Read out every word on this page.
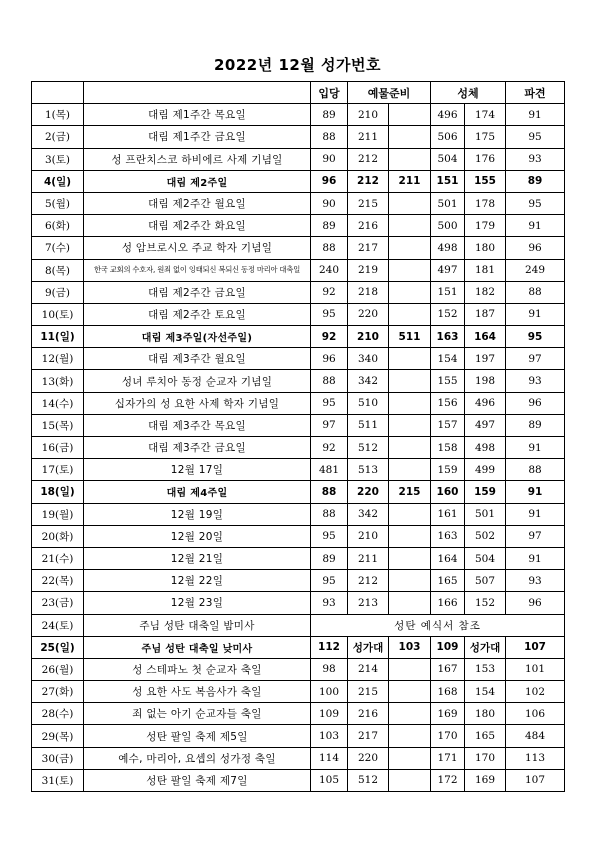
2022년 12월 성가번호
		입당	예물준비		성체		파견
1(목)	대림 제1주간 목요일	89	210		496	174	91
2(금)	대림 제1주간 금요일	88	211		506	175	95
3(토)	성 프란치스코 하비에르 사제 기념일	90	212		504	176	93
4(일)	대림 제2주일	96	212	211	151	155	89
5(월)	대림 제2주간 월요일	90	215		501	178	95
6(화)	대림 제2주간 화요일	89	216		500	179	91
7(수)	성 암브로시오 주교 학자 기념일	88	217		498	180	96
8(목)	한국 교회의 수호자, 원죄 없이 잉태되신 복되신 동정 마리아 대축일	240	219		497	181	249
9(금)	대림 제2주간 금요일	92	218		151	182	88
10(토)	대림 제2주간 토요일	95	220		152	187	91
11(일)	대림 제3주일(자선주일)	92	210	511	163	164	95
12(월)	대림 제3주간 월요일	96	340		154	197	97
13(화)	성녀 루치아 동정 순교자 기념일	88	342		155	198	93
14(수)	십자가의 성 요한 사제 학자 기념일	95	510		156	496	96
15(목)	대림 제3주간 목요일	97	511		157	497	89
16(금)	대림 제3주간 금요일	92	512		158	498	91
17(토)	12월 17일	481	513		159	499	88
18(일)	대림 제4주일	88	220	215	160	159	91
19(월)	12월 19일	88	342		161	501	91
20(화)	12월 20일	95	210		163	502	97
21(수)	12월 21일	89	211		164	504	91
22(목)	12월 22일	95	212		165	507	93
23(금)	12월 23일	93	213		166	152	96
24(토)	주님 성탄 대축일 밤미사	성탄 예식서 참조					
25(일)	주님 성탄 대축일 낮미사	112	성가대	103	109	성가대	107
26(월)	성 스테파노 첫 순교자 축일	98	214		167	153	101
27(화)	성 요한 사도 복음사가 축일	100	215		168	154	102
28(수)	죄 없는 아기 순교자들 축일	109	216		169	180	106
29(목)	성탄 팔일 축제 제5일	103	217		170	165	484
30(금)	예수, 마리아, 요셉의 성가정 축일	114	220		171	170	113
31(토)	성탄 팔일 축제 제7일	105	512		172	169	107
